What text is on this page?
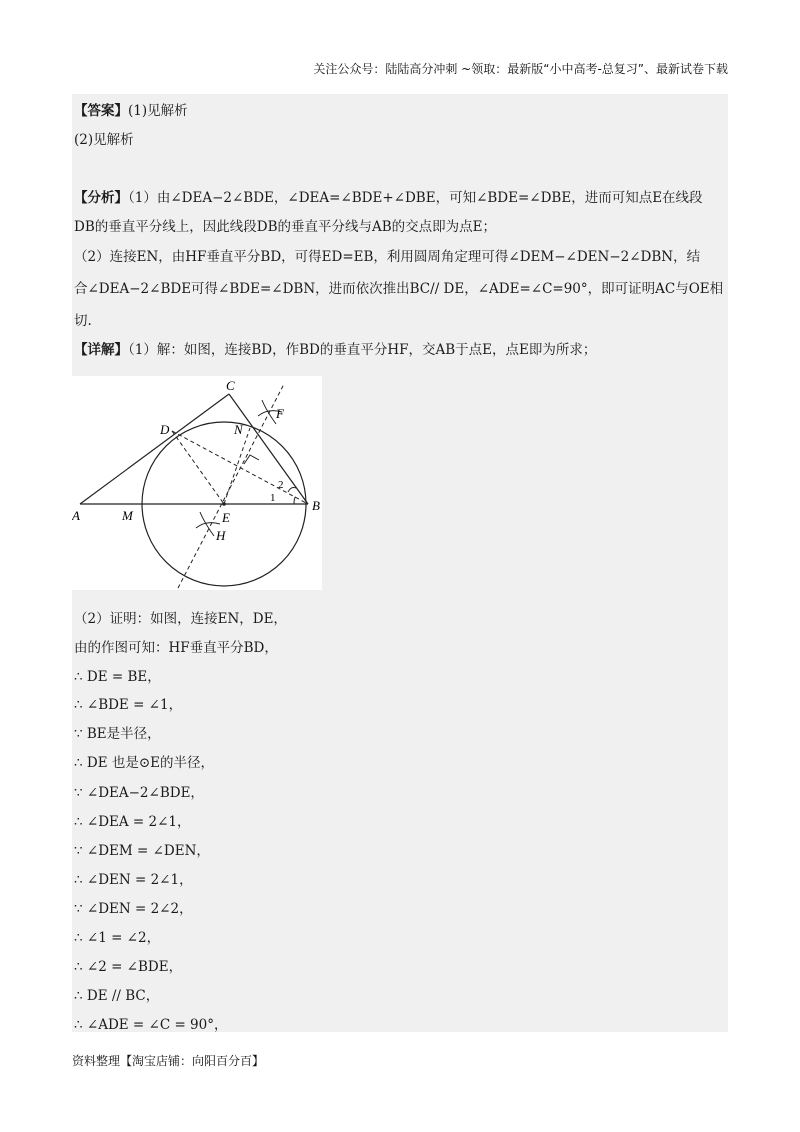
关注公众号：陆陆高分冲刺 ~领取：最新版“小中高考-总复习”、最新试卷下载
【答案】(1)见解析
(2)见解析
【分析】（1）由∠DEA−2∠BDE，∠DEA=∠BDE+∠DBE，可知∠BDE=∠DBE，进而可知点E在线段
DB的垂直平分线上，因此线段DB的垂直平分线与AB的交点即为点E；
（2）连接EN，由HF垂直平分BD，可得ED=EB，利用圆周角定理可得∠DEM−∠DEN−2∠DBN，结
合∠DEA−2∠BDE可得∠BDE=∠DBN，进而依次推出BC// DE，∠ADE=∠C=90°，即可证明AC与OE相
切.
【详解】（1）解：如图，连接BD，作BD的垂直平分HF，交AB于点E，点E即为所求；
A	M	E
B
C
D	N
F
H
1
2
（2）证明：如图，连接EN，DE，
由的作图可知：HF垂直平分BD，
∴ DE = BE，
∴ ∠BDE = ∠1，
∵ BE是半径，
∴ DE 也是⊙E的半径，
∵ ∠DEA−2∠BDE，
∴ ∠DEA = 2∠1，
∵ ∠DEM = ∠DEN，
∴ ∠DEN = 2∠1，
∵ ∠DEN = 2∠2，
∴ ∠1 = ∠2，
∴ ∠2 = ∠BDE，
∴ DE // BC，
∴ ∠ADE = ∠C = 90°，
资料整理【淘宝店铺：向阳百分百】
